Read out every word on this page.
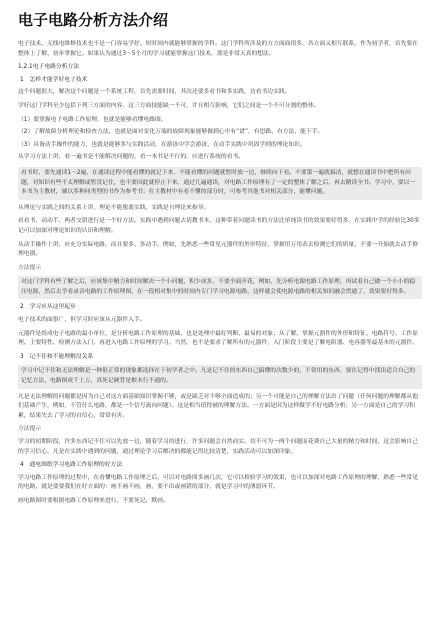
电子电路分析方法介绍

电子技术、无线电维修技术也不是一门容易学好、短时间内就能够掌握的学科。这门学科所涉及的方方面面很多，各方面又相互联系，作为初学者，首先要在整体上了解、初步掌握它。如果认为通过3～5个月的学习就能掌握这门技术，那是非常天真的想法。

1.2.1电子电路分析方法

1　怎样才能学好电子技术

这个问题很大，解决这个问题是一个系统工程，首先需要时间，其次还要多看书和多实践，边看书边实践。

学好这门学科至少包括下列三方面的内容，这三方面技能缺一不可，并且相互影响，它们之间是一个不可分割的整体。

（1）要掌握电子电路工作原理，也就是能够看懂电路图。

（2）了解故障分析理论和检查方法，也就是面对变化万端的故障现象能够做到心中有“谱”，有思路、有方法，能下手。

（3）具备动手操作的能力，也就是能够多与实践活动，在游泳中学会游泳，在动手实践中巩固学到的理论知识。

从学习方法上讲，看一遍书是不能解决问题的，看一本书是不行的，应进行系统的看书。

看书时，要先通读1～2遍，在通读过程中能看懂的就记下来，不能看懂的问题就暂时放一边，继续向下看。不要第一遍就搞清，就想在通读书中把所有问题，对知识有些不太理解或暂没记住，也不要因此就停止下来。通过几遍通读，对电路工作原理有了一定的整体了解之后，再去精读全书。学习中，要以一本书为主教材，辅以多种同类型的书作为参考书；在主教材中有看不懂的部分时，可参考其他书对相关部分，能懂问题。

从理论与实践之间的关系上讲，理论不能脱离实践，实践是自理论来指导。

看看书，动动手，两者交错进行是一个好方法。实践中遇到问题去请教书本，这种带着问题读书的方法比单纯读书的效果要好得多。在实践中学的经验比30多记可以加深对理论知识的认识和理解。

从动手操作上讲，应充分实际电路，而且要多、多动手。例如，先熟悉一些常见元器件的外形特征，掌握用万用表去检测它们的质量，不要一开始就去动手修理电器。

方法提示

对这门学科有些了解之后，应该集中精力和时间解决一个小问题，积少成多，不要全面开花，例如，先分析电源电路工作原理，再试着自己做一个小小的稳压电源，然后去学看录音电路的工作原理图，在一段相对集中的时间内专门学习电源电路，这样就会使电源电路的相关知识融会贯通了，效果要好得多。

2　学习应从这里起步

电子技术的面很广，但学习时应该从元器件入手。

元器件是组成电子电路的最小单位，是分析电路工作原理的基础，也是处理中最好判断、最易的对象；从了解、掌握元器件的外形和特征、电路符号、工作原理、主要特性、检测方法入门，再进入电路工作原理的学习。当然，也不是要求了解所有的元器件，入门阶段主要是了解电阻器、电容器等最基本的元器件。

3　记不住和不能理解没关系

学习中记不住和无法理解是一种很正常的现象都选择在于初学者之中。凡是记不住的东西自己搞懂的次数少的，不常用的东西，要在记得中找出适合自己的记忆方法，电路图成千上万，真死记硬背是根本行不通的。

凡是无法理解的问题都是因为自己对这方面基础知识掌握不够，或是缺乏对不够全面造成的；另一个可能是自己的理解方法出了问题（任何问题的理解都从他们基础产生，例如，不管什么电路，都是一个信号流向问题）。这是相当值得被的理解方法。一方面是因为这样做学不好电路分析；另一方面是自己的学习积累，结果失去了学习的自信心，常常有害。

方法提示

学习的初期阶段，许多东西记不住可以先放一边，随着学习的进行，许多问题会自然而实。切不可为一两个问题而花费自己大量的精力和时间，这会影响自己的学习信心。凡是在实践中遇到的问题，通过理论学习后解决的都能记得比较清楚，实践活动可以加深印象。

4　通电图纸学习电路工作原理的好方法

学习电路工作原理的过程中，在看懂电路工作原理之后，可以对电路图多画几次，它可以检验学习的效果，也可以加深对电路工作原理的理解，熟悉一些常见的电路，就是要要我们在好方面的：画不画不画，画，要不出或画错的部分，就是学习中的薄弱环节。

画电路图时要根据电路工作原理来进行，不要死记、默画。
